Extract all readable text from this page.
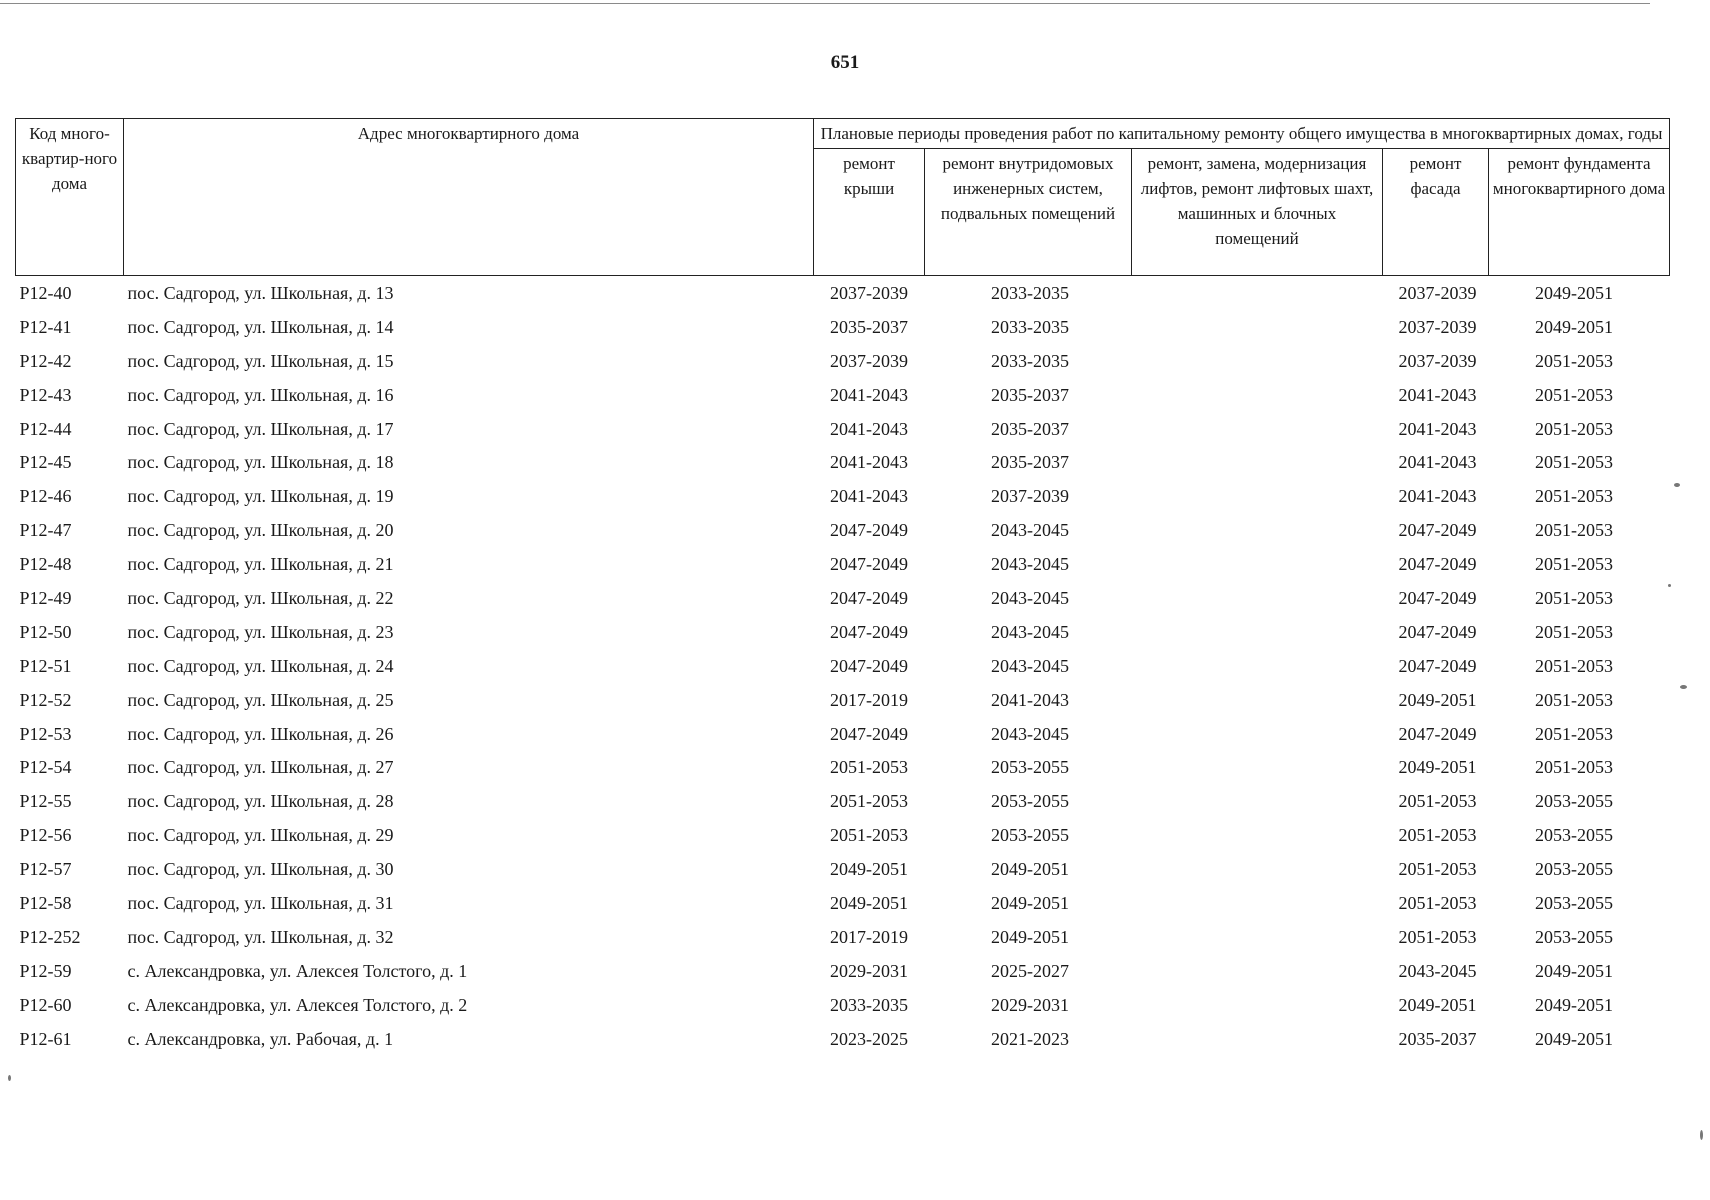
651
Код много-квартир-ного дома	Адрес многоквартирного дома	Плановые периоды проведения работ по капитальному ремонту общего имущества в многоквартирных домах, годы				
		ремонт крыши	ремонт внутридомовых инженерных систем, подвальных помещений	ремонт, замена, модернизация лифтов, ремонт лифтовых шахт, машинных и блочных помещений	ремонт фасада	ремонт фундамента многоквартирного дома
P12-40	пос. Садгород, ул. Школьная, д. 13	2037-2039	2033-2035		2037-2039	2049-2051
P12-41	пос. Садгород, ул. Школьная, д. 14	2035-2037	2033-2035		2037-2039	2049-2051
P12-42	пос. Садгород, ул. Школьная, д. 15	2037-2039	2033-2035		2037-2039	2051-2053
P12-43	пос. Садгород, ул. Школьная, д. 16	2041-2043	2035-2037		2041-2043	2051-2053
P12-44	пос. Садгород, ул. Школьная, д. 17	2041-2043	2035-2037		2041-2043	2051-2053
P12-45	пос. Садгород, ул. Школьная, д. 18	2041-2043	2035-2037		2041-2043	2051-2053
P12-46	пос. Садгород, ул. Школьная, д. 19	2041-2043	2037-2039		2041-2043	2051-2053
P12-47	пос. Садгород, ул. Школьная, д. 20	2047-2049	2043-2045		2047-2049	2051-2053
P12-48	пос. Садгород, ул. Школьная, д. 21	2047-2049	2043-2045		2047-2049	2051-2053
P12-49	пос. Садгород, ул. Школьная, д. 22	2047-2049	2043-2045		2047-2049	2051-2053
P12-50	пос. Садгород, ул. Школьная, д. 23	2047-2049	2043-2045		2047-2049	2051-2053
P12-51	пос. Садгород, ул. Школьная, д. 24	2047-2049	2043-2045		2047-2049	2051-2053
P12-52	пос. Садгород, ул. Школьная, д. 25	2017-2019	2041-2043		2049-2051	2051-2053
P12-53	пос. Садгород, ул. Школьная, д. 26	2047-2049	2043-2045		2047-2049	2051-2053
P12-54	пос. Садгород, ул. Школьная, д. 27	2051-2053	2053-2055		2049-2051	2051-2053
P12-55	пос. Садгород, ул. Школьная, д. 28	2051-2053	2053-2055		2051-2053	2053-2055
P12-56	пос. Садгород, ул. Школьная, д. 29	2051-2053	2053-2055		2051-2053	2053-2055
P12-57	пос. Садгород, ул. Школьная, д. 30	2049-2051	2049-2051		2051-2053	2053-2055
P12-58	пос. Садгород, ул. Школьная, д. 31	2049-2051	2049-2051		2051-2053	2053-2055
P12-252	пос. Садгород, ул. Школьная, д. 32	2017-2019	2049-2051		2051-2053	2053-2055
P12-59	с. Александровка, ул. Алексея Толстого, д. 1	2029-2031	2025-2027		2043-2045	2049-2051
P12-60	с. Александровка, ул. Алексея Толстого, д. 2	2033-2035	2029-2031		2049-2051	2049-2051
P12-61	с. Александровка, ул. Рабочая, д. 1	2023-2025	2021-2023		2035-2037	2049-2051
